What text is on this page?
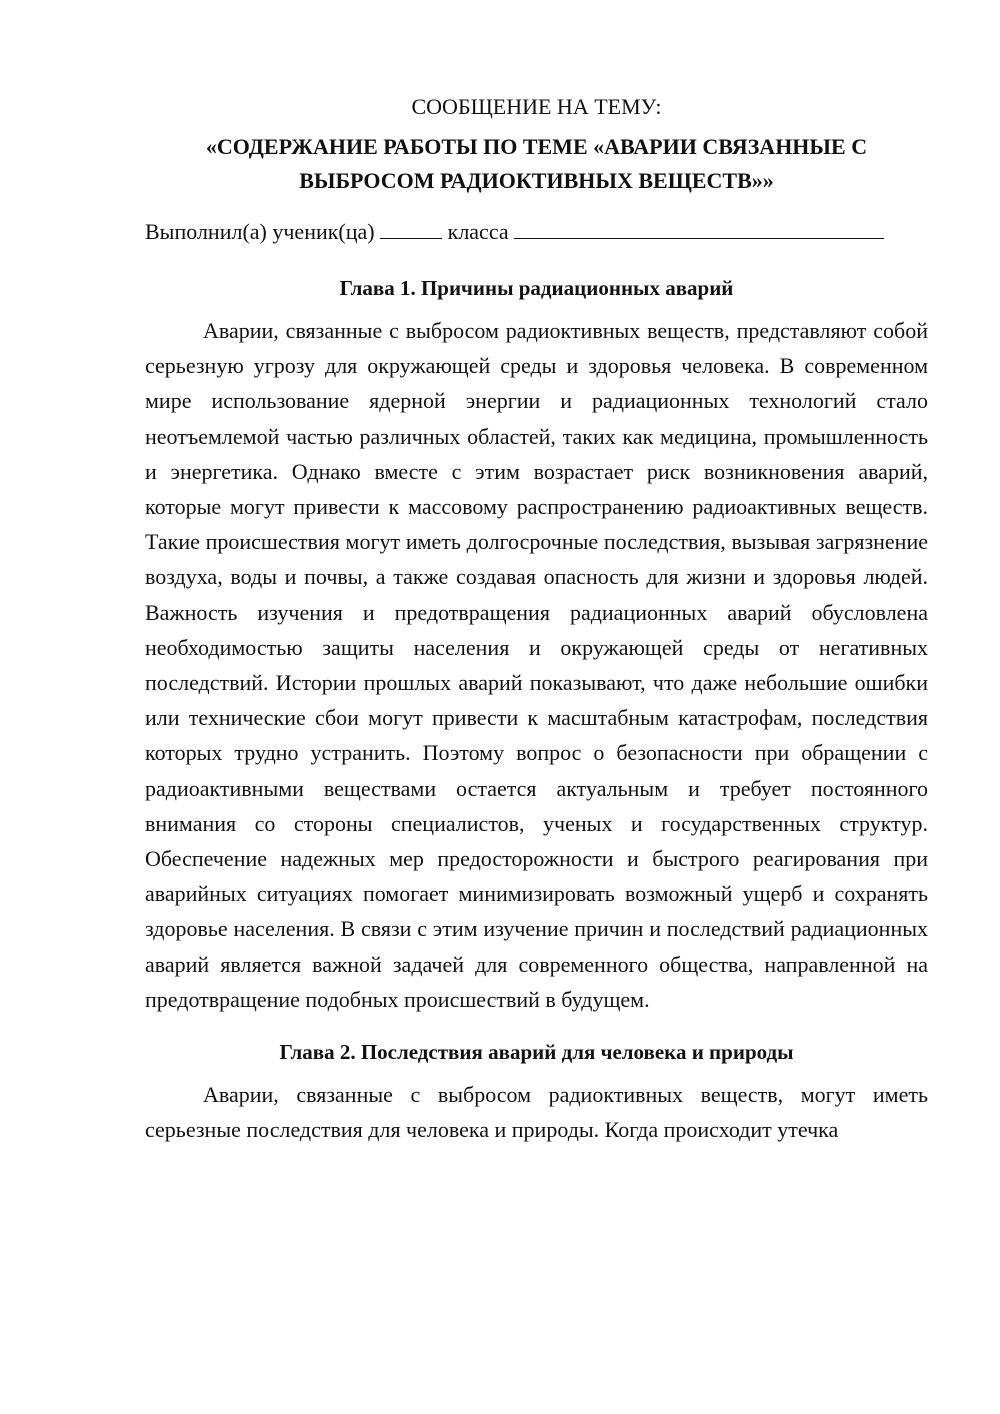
СООБЩЕНИЕ НА ТЕМУ:

«СОДЕРЖАНИЕ РАБОТЫ ПО ТЕМЕ «АВАРИИ СВЯЗАННЫЕ С
ВЫБРОСОМ РАДИОКТИВНЫХ ВЕЩЕСТВ»»

Выполнил(а) ученик(ца)	класса

Глава 1. Причины радиационных аварий

Аварии, связанные с выбросом радиоктивных веществ, представляют собой серьезную угрозу для окружающей среды и здоровья человека. В современном мире использование ядерной энергии и радиационных технологий стало неотъемлемой частью различных областей, таких как медицина, промышленность и энергетика. Однако вместе с этим возрастает риск возникновения аварий, которые могут привести к массовому распространению радиоактивных веществ. Такие происшествия могут иметь долгосрочные последствия, вызывая загрязнение воздуха, воды и почвы, а также создавая опасность для жизни и здоровья людей. Важность изучения и предотвращения радиационных аварий обусловлена необходимостью защиты населения и окружающей среды от негативных последствий. Истории прошлых аварий показывают, что даже небольшие ошибки или технические сбои могут привести к масштабным катастрофам, последствия которых трудно устранить. Поэтому вопрос о безопасности при обращении с радиоактивными веществами остается актуальным и требует постоянного внимания со стороны специалистов, ученых и государственных структур. Обеспечение надежных мер предосторожности и быстрого реагирования при аварийных ситуациях помогает минимизировать возможный ущерб и сохранять здоровье населения. В связи с этим изучение причин и последствий радиационных аварий является важной задачей для современного общества, направленной на предотвращение подобных происшествий в будущем.

Глава 2. Последствия аварий для человека и природы

Аварии, связанные с выбросом радиоктивных веществ, могут иметь серьезные последствия для человека и природы. Когда происходит утечка
